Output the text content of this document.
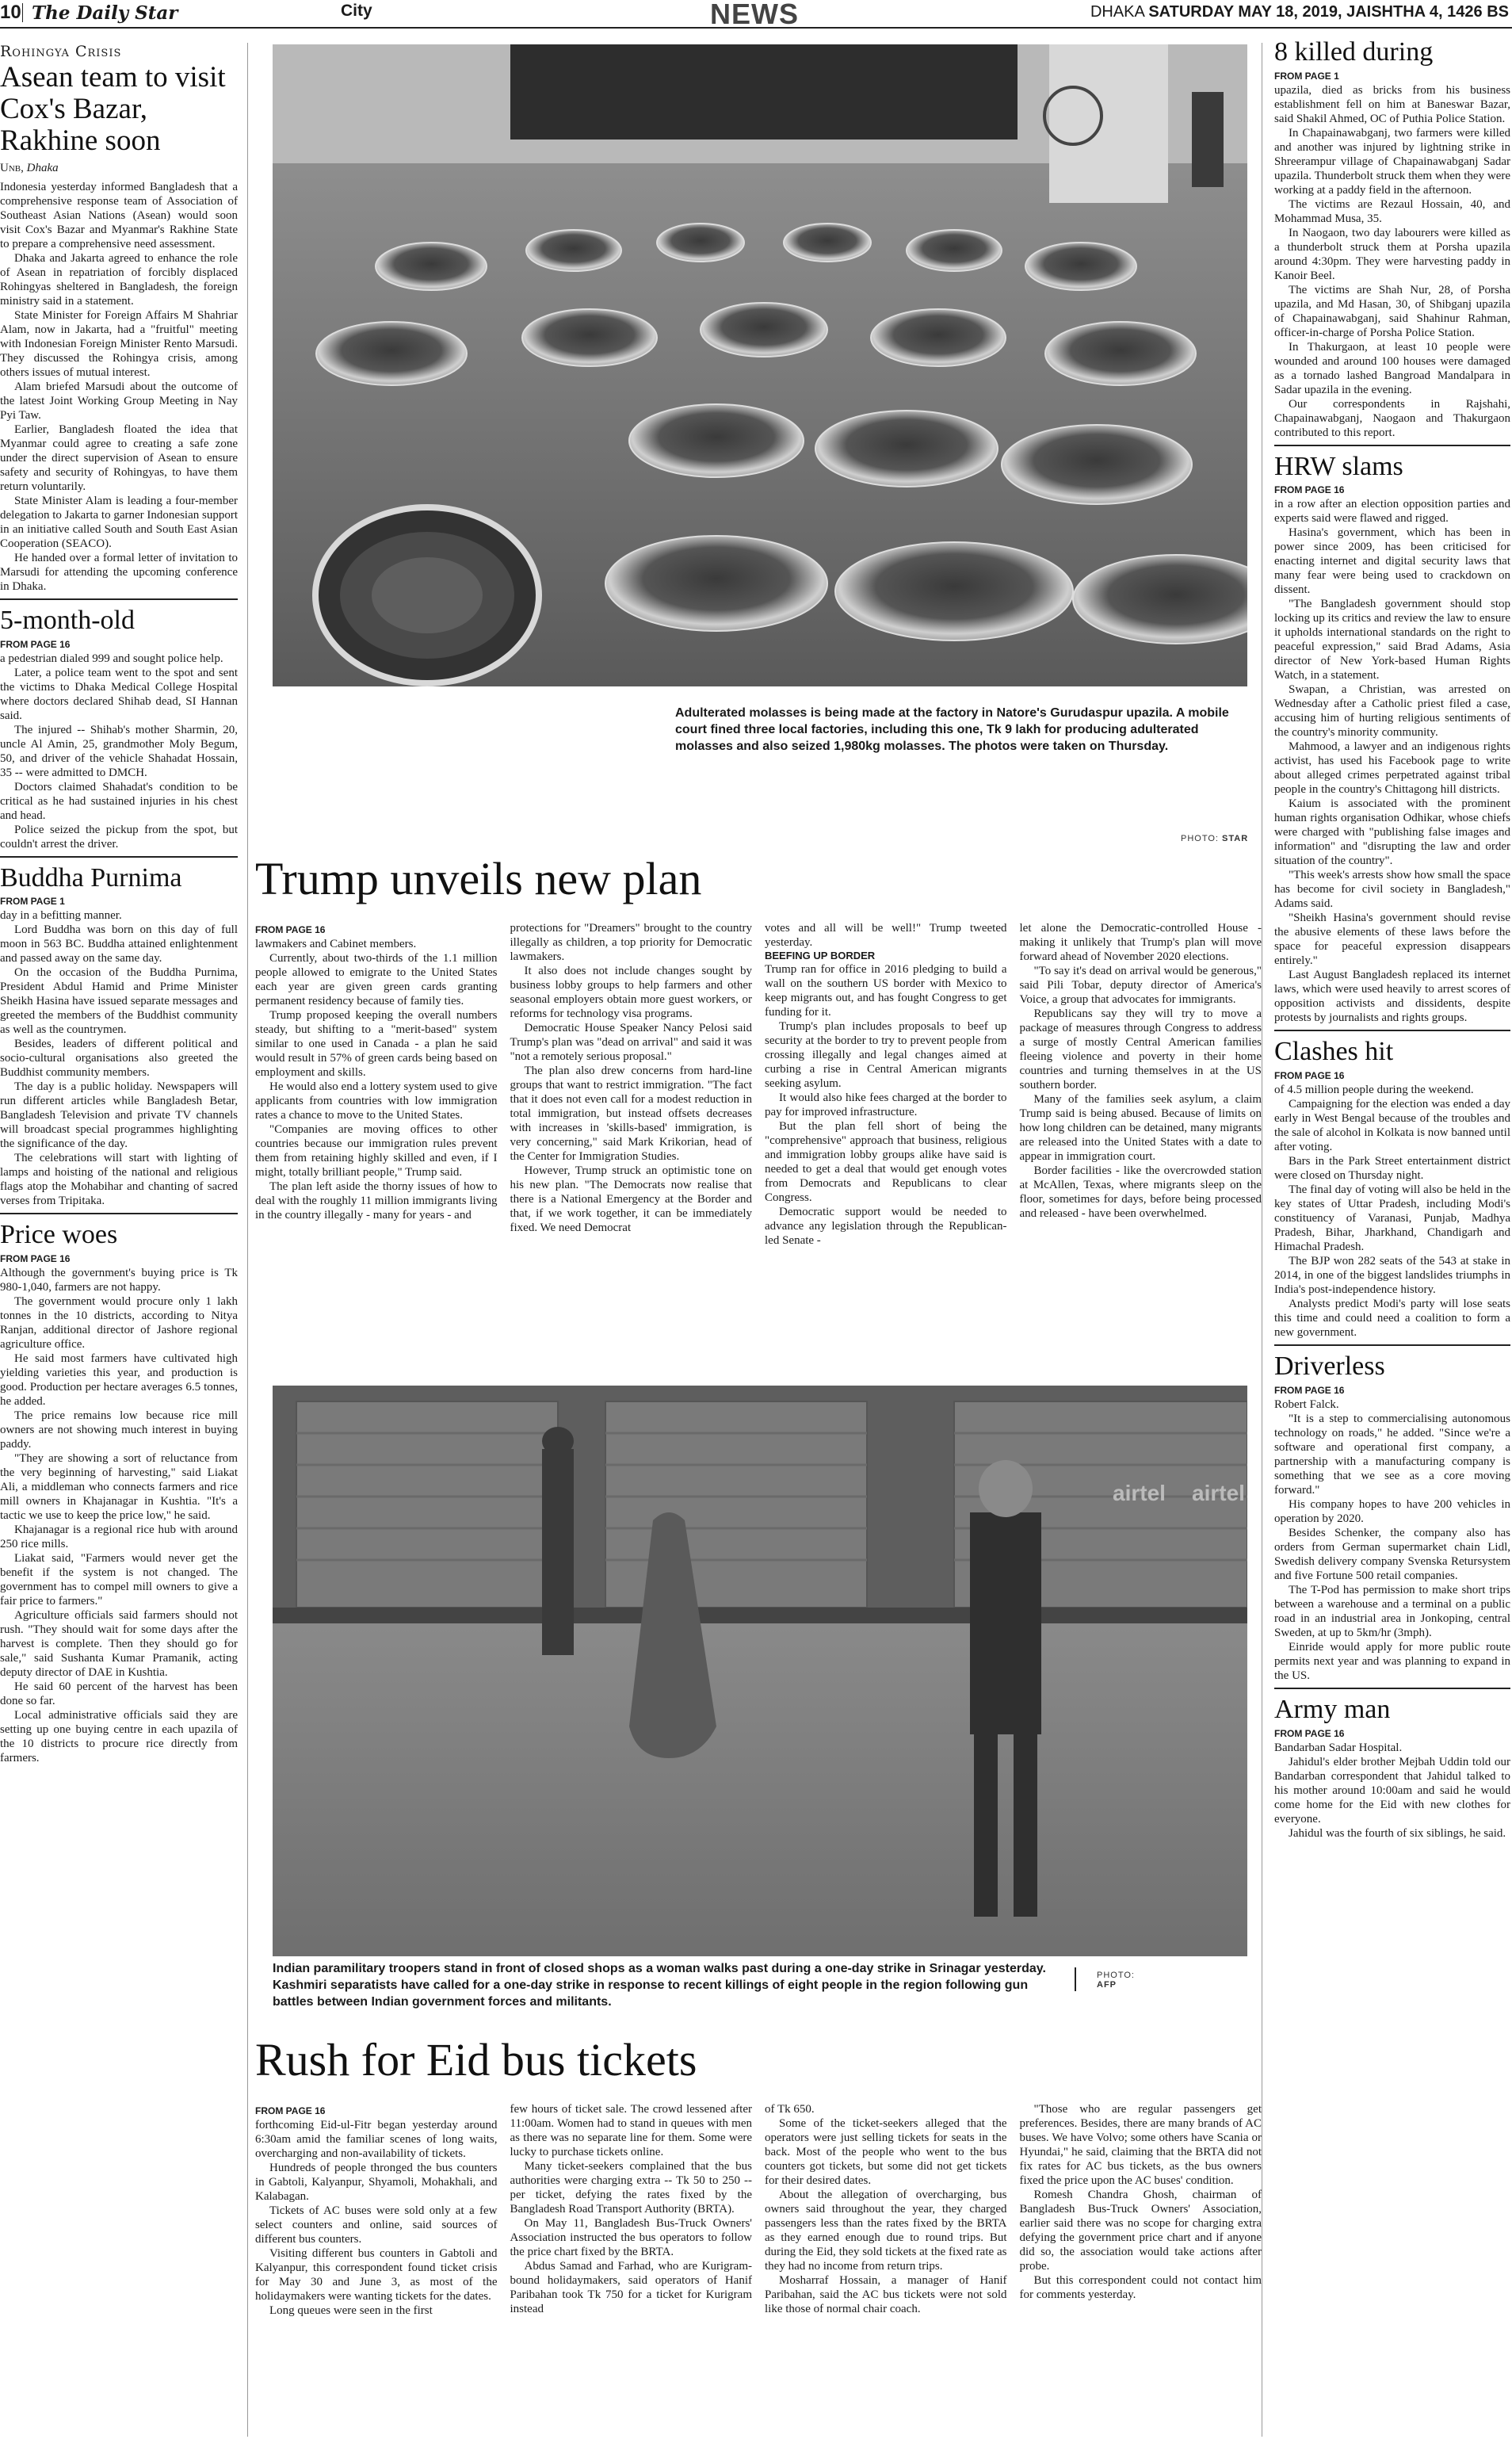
10 The Daily Star	City	NEWS	DHAKA SATURDAY MAY 18, 2019, JAISHTHA 4, 1426 BS
Rohingya Crisis
Asean team to visit Cox's Bazar, Rakhine soon
Unb, Dhaka

Indonesia yesterday informed Bangladesh that a comprehensive response team of Association of Southeast Asian Nations (Asean) would soon visit Cox's Bazar and Myanmar's Rakhine State to prepare a comprehensive need assessment.

Dhaka and Jakarta agreed to enhance the role of Asean in repatriation of forcibly displaced Rohingyas sheltered in Bangladesh, the foreign ministry said in a statement.

State Minister for Foreign Affairs M Shahriar Alam, now in Jakarta, had a "fruitful" meeting with Indonesian Foreign Minister Rento Marsudi. They discussed the Rohingya crisis, among others issues of mutual interest.

Alam briefed Marsudi about the outcome of the latest Joint Working Group Meeting in Nay Pyi Taw.

Earlier, Bangladesh floated the idea that Myanmar could agree to creating a safe zone under the direct supervision of Asean to ensure safety and security of Rohingyas, to have them return voluntarily.

State Minister Alam is leading a four-member delegation to Jakarta to garner Indonesian support in an initiative called South and South East Asian Cooperation (SEACO).

He handed over a formal letter of invitation to Marsudi for attending the upcoming conference in Dhaka.

5-month-old
FROM PAGE 16

a pedestrian dialed 999 and sought police help.

Later, a police team went to the spot and sent the victims to Dhaka Medical College Hospital where doctors declared Shihab dead, SI Hannan said.

The injured -- Shihab's mother Sharmin, 20, uncle Al Amin, 25, grandmother Moly Begum, 50, and driver of the vehicle Shahadat Hossain, 35 -- were admitted to DMCH.

Doctors claimed Shahadat's condition to be critical as he had sustained injuries in his chest and head.

Police seized the pickup from the spot, but couldn't arrest the driver.

Buddha Purnima
FROM PAGE 1

day in a befitting manner.

Lord Buddha was born on this day of full moon in 563 BC. Buddha attained enlightenment and passed away on the same day.

On the occasion of the Buddha Purnima, President Abdul Hamid and Prime Minister Sheikh Hasina have issued separate messages and greeted the members of the Buddhist community as well as the countrymen.

Besides, leaders of different political and socio-cultural organisations also greeted the Buddhist community members.

The day is a public holiday. Newspapers will run different articles while Bangladesh Betar, Bangladesh Television and private TV channels will broadcast special programmes highlighting the significance of the day.

The celebrations will start with lighting of lamps and hoisting of the national and religious flags atop the Mohabihar and chanting of sacred verses from Tripitaka.

Price woes
FROM PAGE 16

Although the government's buying price is Tk 980-1,040, farmers are not happy.

The government would procure only 1 lakh tonnes in the 10 districts, according to Nitya Ranjan, additional director of Jashore regional agriculture office.

He said most farmers have cultivated high yielding varieties this year, and production is good. Production per hectare averages 6.5 tonnes, he added.

The price remains low because rice mill owners are not showing much interest in buying paddy.

"They are showing a sort of reluctance from the very beginning of harvesting," said Liakat Ali, a middleman who connects farmers and rice mill owners in Khajanagar in Kushtia. "It's a tactic we use to keep the price low," he said.

Khajanagar is a regional rice hub with around 250 rice mills.

Liakat said, "Farmers would never get the benefit if the system is not changed. The government has to compel mill owners to give a fair price to farmers."

Agriculture officials said farmers should not rush. "They should wait for some days after the harvest is complete. Then they should go for sale," said Sushanta Kumar Pramanik, acting deputy director of DAE in Kushtia.

He said 60 percent of the harvest has been done so far.

Local administrative officials said they are setting up one buying centre in each upazila of the 10 districts to procure rice directly from farmers.

Adulterated molasses is being made at the factory in Natore's Gurudaspur upazila. A mobile court fined three local factories, including this one, Tk 9 lakh for producing adulterated molasses and also seized 1,980kg molasses. The photos were taken on Thursday.
PHOTO: STAR
Trump unveils new plan
FROM PAGE 16

lawmakers and Cabinet members.

Currently, about two-thirds of the 1.1 million people allowed to emigrate to the United States each year are given green cards granting permanent residency because of family ties.

Trump proposed keeping the overall numbers steady, but shifting to a "merit-based" system similar to one used in Canada - a plan he said would result in 57% of green cards being based on employment and skills.

He would also end a lottery system used to give applicants from countries with low immigration rates a chance to move to the United States.

"Companies are moving offices to other countries because our immigration rules prevent them from retaining highly skilled and even, if I might, totally brilliant people," Trump said.

The plan left aside the thorny issues of how to deal with the roughly 11 million immigrants living in the country illegally - many for years - and

protections for "Dreamers" brought to the country illegally as children, a top priority for Democratic lawmakers.

It also does not include changes sought by business lobby groups to help farmers and other seasonal employers obtain more guest workers, or reforms for technology visa programs.

Democratic House Speaker Nancy Pelosi said Trump's plan was "dead on arrival" and said it was "not a remotely serious proposal."

The plan also drew concerns from hard-line groups that want to restrict immigration. "The fact that it does not even call for a modest reduction in total immigration, but instead offsets decreases with increases in 'skills-based' immigration, is very concerning," said Mark Krikorian, head of the Center for Immigration Studies.

However, Trump struck an optimistic tone on his new plan. "The Democrats now realise that there is a National Emergency at the Border and that, if we work together, it can be immediately fixed. We need Democrat

votes and all will be well!" Trump tweeted yesterday.

BEEFING UP BORDER

Trump ran for office in 2016 pledging to build a wall on the southern US border with Mexico to keep migrants out, and has fought Congress to get funding for it.

Trump's plan includes proposals to beef up security at the border to try to prevent people from crossing illegally and legal changes aimed at curbing a rise in Central American migrants seeking asylum.

It would also hike fees charged at the border to pay for improved infrastructure.

But the plan fell short of being the "comprehensive" approach that business, religious and immigration lobby groups alike have said is needed to get a deal that would get enough votes from Democrats and Republicans to clear Congress.

Democratic support would be needed to advance any legislation through the Republican-led Senate -

let alone the Democratic-controlled House - making it unlikely that Trump's plan will move forward ahead of November 2020 elections.

"To say it's dead on arrival would be generous," said Pili Tobar, deputy director of America's Voice, a group that advocates for immigrants.

Republicans say they will try to move a package of measures through Congress to address a surge of mostly Central American families fleeing violence and poverty in their home countries and turning themselves in at the US southern border.

Many of the families seek asylum, a claim Trump said is being abused. Because of limits on how long children can be detained, many migrants are released into the United States with a date to appear in immigration court.

Border facilities - like the overcrowded station at McAllen, Texas, where migrants sleep on the floor, sometimes for days, before being processed and released - have been overwhelmed.

airtel airtel
Indian paramilitary troopers stand in front of closed shops as a woman walks past during a one-day strike in Srinagar yesterday. Kashmiri separatists have called for a one-day strike in response to recent killings of eight people in the region following gun battles between Indian government forces and militants.
PHOTO:
AFP
Rush for Eid bus tickets
FROM PAGE 16

forthcoming Eid-ul-Fitr began yesterday around 6:30am amid the familiar scenes of long waits, overcharging and non-availability of tickets.

Hundreds of people thronged the bus counters in Gabtoli, Kalyanpur, Shyamoli, Mohakhali, and Kalabagan.

Tickets of AC buses were sold only at a few select counters and online, said sources of different bus counters.

Visiting different bus counters in Gabtoli and Kalyanpur, this correspondent found ticket crisis for May 30 and June 3, as most of the holidaymakers were wanting tickets for the dates.

Long queues were seen in the first

few hours of ticket sale. The crowd lessened after 11:00am. Women had to stand in queues with men as there was no separate line for them. Some were lucky to purchase tickets online.

Many ticket-seekers complained that the bus authorities were charging extra -- Tk 50 to 250 -- per ticket, defying the rates fixed by the Bangladesh Road Transport Authority (BRTA).

On May 11, Bangladesh Bus-Truck Owners' Association instructed the bus operators to follow the price chart fixed by the BRTA.

Abdus Samad and Farhad, who are Kurigram-bound holidaymakers, said operators of Hanif Paribahan took Tk 750 for a ticket for Kurigram instead

of Tk 650.

Some of the ticket-seekers alleged that the operators were just selling tickets for seats in the back. Most of the people who went to the bus counters got tickets, but some did not get tickets for their desired dates.

About the allegation of overcharging, bus owners said throughout the year, they charged passengers less than the rates fixed by the BRTA as they earned enough due to round trips. But during the Eid, they sold tickets at the fixed rate as they had no income from return trips.

Mosharraf Hossain, a manager of Hanif Paribahan, said the AC bus tickets were not sold like those of normal chair coach.

"Those who are regular passengers get preferences. Besides, there are many brands of AC buses. We have Volvo; some others have Scania or Hyundai," he said, claiming that the BRTA did not fix rates for AC bus tickets, as the bus owners fixed the price upon the AC buses' condition.

Romesh Chandra Ghosh, chairman of Bangladesh Bus-Truck Owners' Association, earlier said there was no scope for charging extra defying the government price chart and if anyone did so, the association would take actions after probe.

But this correspondent could not contact him for comments yesterday.

8 killed during
FROM PAGE 1

upazila, died as bricks from his business establishment fell on him at Baneswar Bazar, said Shakil Ahmed, OC of Puthia Police Station.

In Chapainawabganj, two farmers were killed and another was injured by lightning strike in Shreerampur village of Chapainawabganj Sadar upazila. Thunderbolt struck them when they were working at a paddy field in the afternoon.

The victims are Rezaul Hossain, 40, and Mohammad Musa, 35.

In Naogaon, two day labourers were killed as a thunderbolt struck them at Porsha upazila around 4:30pm. They were harvesting paddy in Kanoir Beel.

The victims are Shah Nur, 28, of Porsha upazila, and Md Hasan, 30, of Shibganj upazila of Chapainawabganj, said Shahinur Rahman, officer-in-charge of Porsha Police Station.

In Thakurgaon, at least 10 people were wounded and around 100 houses were damaged as a tornado lashed Bangroad Mandalpara in Sadar upazila in the evening.

Our correspondents in Rajshahi, Chapainawabganj, Naogaon and Thakurgaon contributed to this report.

HRW slams
FROM PAGE 16

in a row after an election opposition parties and experts said were flawed and rigged.

Hasina's government, which has been in power since 2009, has been criticised for enacting internet and digital security laws that many fear were being used to crackdown on dissent.

"The Bangladesh government should stop locking up its critics and review the law to ensure it upholds international standards on the right to peaceful expression," said Brad Adams, Asia director of New York-based Human Rights Watch, in a statement.

Swapan, a Christian, was arrested on Wednesday after a Catholic priest filed a case, accusing him of hurting religious sentiments of the country's minority community.

Mahmood, a lawyer and an indigenous rights activist, has used his Facebook page to write about alleged crimes perpetrated against tribal people in the country's Chittagong hill districts.

Kaium is associated with the prominent human rights organisation Odhikar, whose chiefs were charged with "publishing false images and information" and "disrupting the law and order situation of the country".

"This week's arrests show how small the space has become for civil society in Bangladesh," Adams said.

"Sheikh Hasina's government should revise the abusive elements of these laws before the space for peaceful expression disappears entirely."

Last August Bangladesh replaced its internet laws, which were used heavily to arrest scores of opposition activists and dissidents, despite protests by journalists and rights groups.

Clashes hit
FROM PAGE 16

of 4.5 million people during the weekend.

Campaigning for the election was ended a day early in West Bengal because of the troubles and the sale of alcohol in Kolkata is now banned until after voting.

Bars in the Park Street entertainment district were closed on Thursday night.

The final day of voting will also be held in the key states of Uttar Pradesh, including Modi's constituency of Varanasi, Punjab, Madhya Pradesh, Bihar, Jharkhand, Chandigarh and Himachal Pradesh.

The BJP won 282 seats of the 543 at stake in 2014, in one of the biggest landslides triumphs in India's post-independence history.

Analysts predict Modi's party will lose seats this time and could need a coalition to form a new government.

Driverless
FROM PAGE 16

Robert Falck.

"It is a step to commercialising autonomous technology on roads," he added. "Since we're a software and operational first company, a partnership with a manufacturing company is something that we see as a core moving forward."

His company hopes to have 200 vehicles in operation by 2020.

Besides Schenker, the company also has orders from German supermarket chain Lidl, Swedish delivery company Svenska Retursystem and five Fortune 500 retail companies.

The T-Pod has permission to make short trips between a warehouse and a terminal on a public road in an industrial area in Jonkoping, central Sweden, at up to 5km/hr (3mph).

Einride would apply for more public route permits next year and was planning to expand in the US.

Army man
FROM PAGE 16

Bandarban Sadar Hospital.

Jahidul's elder brother Mejbah Uddin told our Bandarban correspondent that Jahidul talked to his mother around 10:00am and said he would come home for the Eid with new clothes for everyone.

Jahidul was the fourth of six siblings, he said.
